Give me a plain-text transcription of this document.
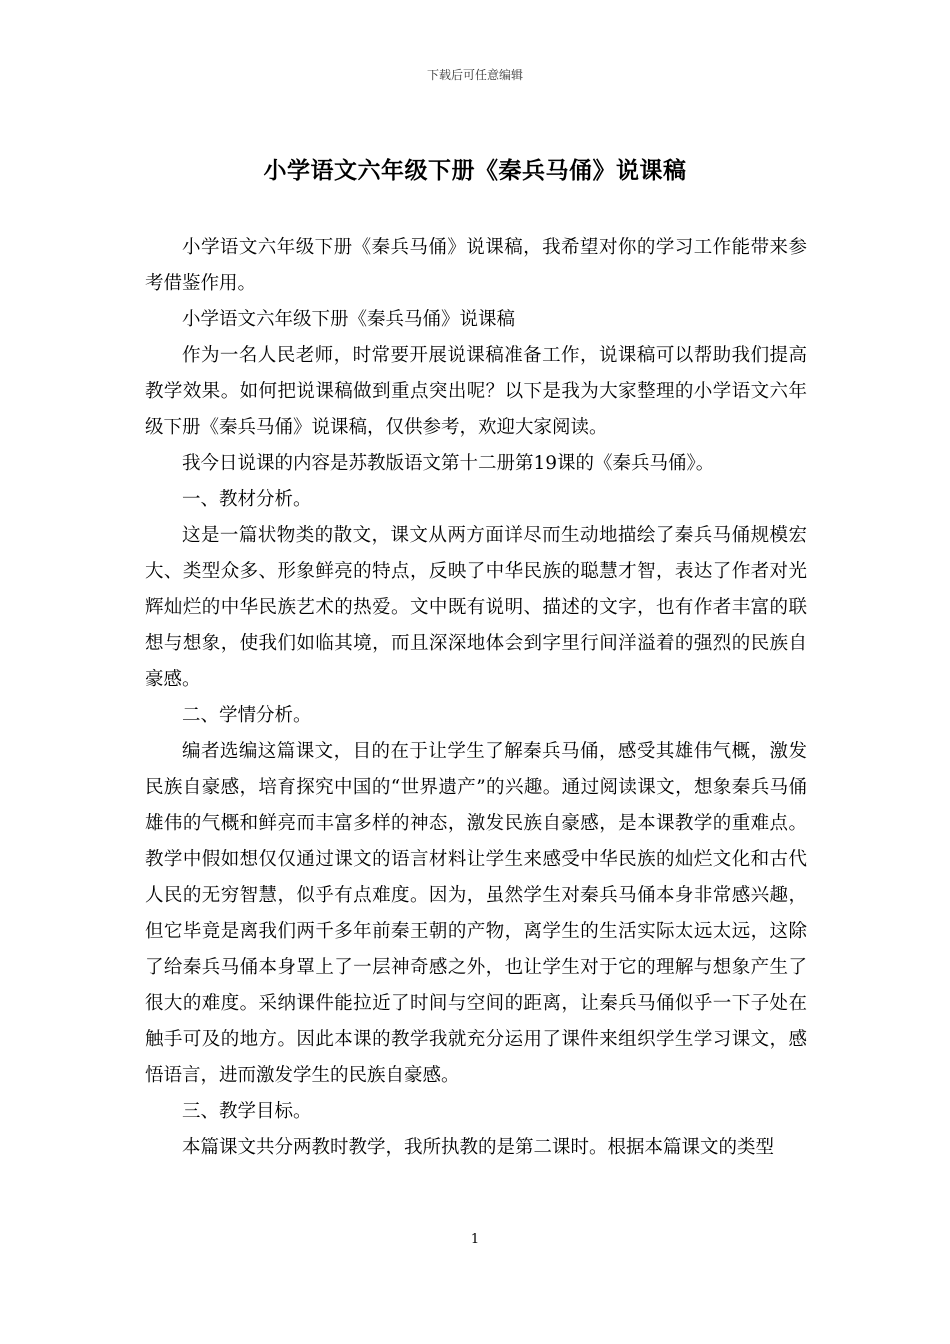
下载后可任意编辑
小学语文六年级下册《秦兵马俑》说课稿

小学语文六年级下册《秦兵马俑》说课稿，我希望对你的学习工作能带来参考借鉴作用。

小学语文六年级下册《秦兵马俑》说课稿

作为一名人民老师，时常要开展说课稿准备工作，说课稿可以帮助我们提高教学效果。如何把说课稿做到重点突出呢？以下是我为大家整理的小学语文六年级下册《秦兵马俑》说课稿，仅供参考，欢迎大家阅读。

我今日说课的内容是苏教版语文第十二册第19课的《秦兵马俑》。

一、教材分析。

这是一篇状物类的散文，课文从两方面详尽而生动地描绘了秦兵马俑规模宏大、类型众多、形象鲜亮的特点，反映了中华民族的聪慧才智，表达了作者对光辉灿烂的中华民族艺术的热爱。文中既有说明、描述的文字，也有作者丰富的联想与想象，使我们如临其境，而且深深地体会到字里行间洋溢着的强烈的民族自豪感。

二、学情分析。

编者选编这篇课文，目的在于让学生了解秦兵马俑，感受其雄伟气概，激发民族自豪感，培育探究中国的“世界遗产”的兴趣。通过阅读课文，想象秦兵马俑雄伟的气概和鲜亮而丰富多样的神态，激发民族自豪感，是本课教学的重难点。教学中假如想仅仅通过课文的语言材料让学生来感受中华民族的灿烂文化和古代人民的无穷智慧，似乎有点难度。因为，虽然学生对秦兵马俑本身非常感兴趣，但它毕竟是离我们两千多年前秦王朝的产物，离学生的生活实际太远太远，这除了给秦兵马俑本身罩上了一层神奇感之外，也让学生对于它的理解与想象产生了很大的难度。采纳课件能拉近了时间与空间的距离，让秦兵马俑似乎一下子处在触手可及的地方。因此本课的教学我就充分运用了课件来组织学生学习课文，感悟语言，进而激发学生的民族自豪感。

三、教学目标。

本篇课文共分两教时教学，我所执教的是第二课时。根据本篇课文的类型

1
